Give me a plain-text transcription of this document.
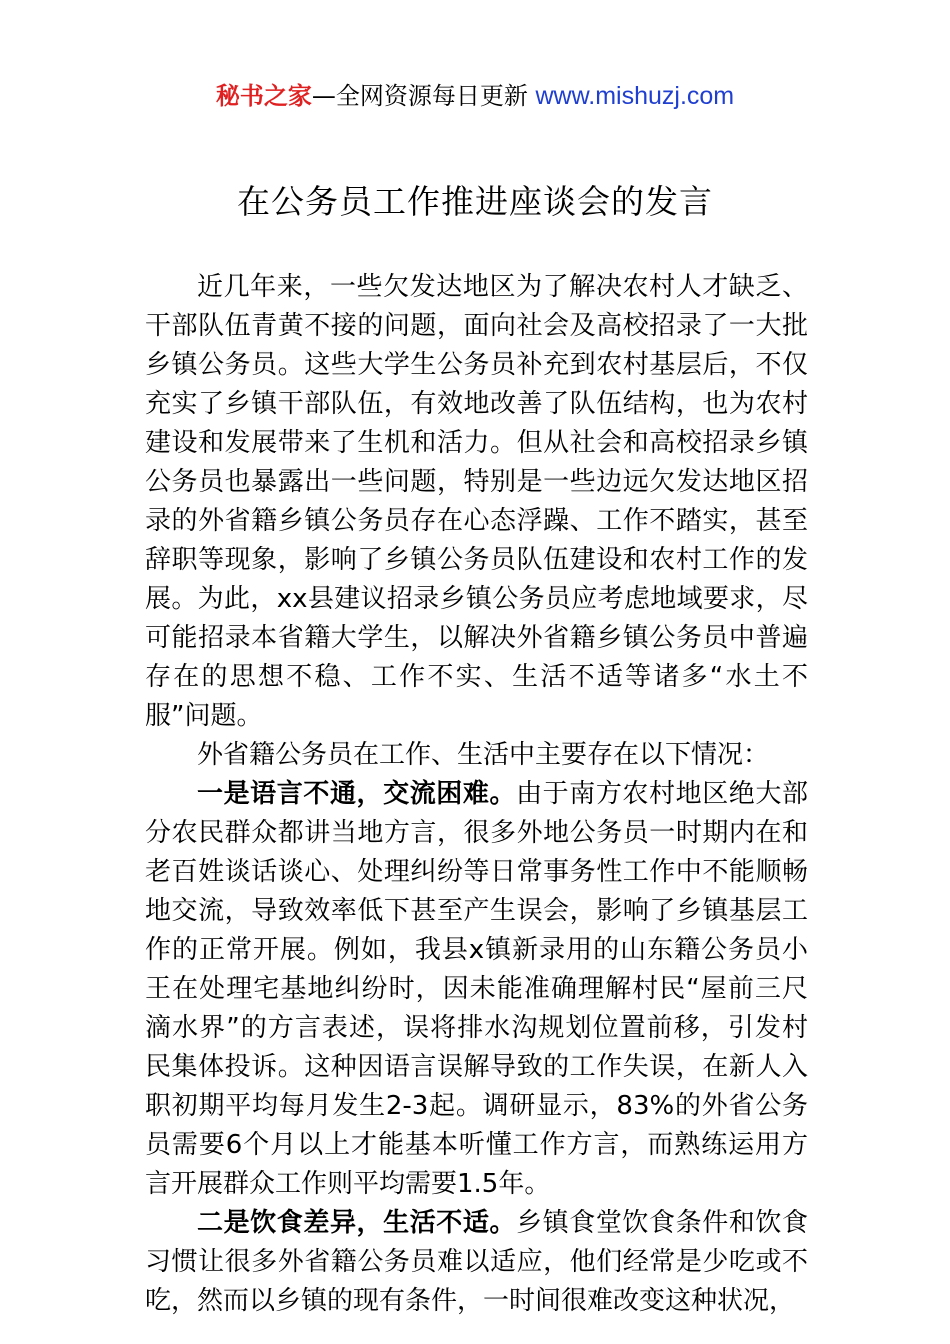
秘书之家—全网资源每日更新 www.mishuzj.com
在公务员工作推进座谈会的发言

近几年来，一些欠发达地区为了解决农村人才缺乏、干部队伍青黄不接的问题，面向社会及高校招录了一大批乡镇公务员。这些大学生公务员补充到农村基层后，不仅充实了乡镇干部队伍，有效地改善了队伍结构，也为农村建设和发展带来了生机和活力。但从社会和高校招录乡镇公务员也暴露出一些问题，特别是一些边远欠发达地区招录的外省籍乡镇公务员存在心态浮躁、工作不踏实，甚至辞职等现象，影响了乡镇公务员队伍建设和农村工作的发展。为此，xx县建议招录乡镇公务员应考虑地域要求，尽可能招录本省籍大学生，以解决外省籍乡镇公务员中普遍存在的思想不稳、工作不实、生活不适等诸多“水土不服”问题。

外省籍公务员在工作、生活中主要存在以下情况：

一是语言不通，交流困难。由于南方农村地区绝大部分农民群众都讲当地方言，很多外地公务员一时期内在和老百姓谈话谈心、处理纠纷等日常事务性工作中不能顺畅地交流，导致效率低下甚至产生误会，影响了乡镇基层工作的正常开展。例如，我县x镇新录用的山东籍公务员小王在处理宅基地纠纷时，因未能准确理解村民“屋前三尺滴水界”的方言表述，误将排水沟规划位置前移，引发村民集体投诉。这种因语言误解导致的工作失误，在新人入职初期平均每月发生2-3起。调研显示，83%的外省公务员需要6个月以上才能基本听懂工作方言，而熟练运用方言开展群众工作则平均需要1.5年。

二是饮食差异，生活不适。乡镇食堂饮食条件和饮食习惯让很多外省籍公务员难以适应，他们经常是少吃或不吃，然而以乡镇的现有条件，一时间很难改变这种状况，
